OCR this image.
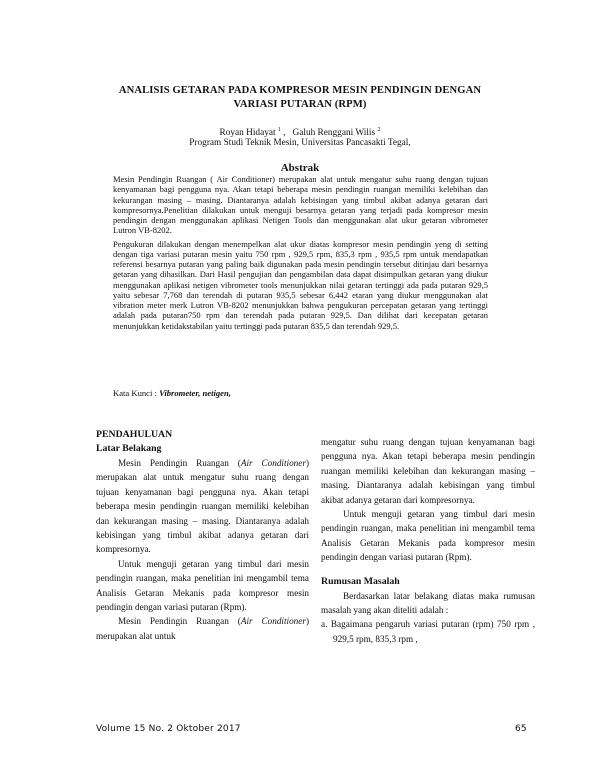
ANALISIS GETARAN PADA KOMPRESOR MESIN PENDINGIN DENGAN
VARIASI PUTARAN (RPM)
Royan Hidayat $^1$ ,   Galuh Renggani Wilis $^2$
Program Studi Teknik Mesin, Universitas Pancasakti Tegal,
Abstrak

Mesin Pendingin Ruangan ( Air Conditioner) merupakan alat untuk mengatur suhu ruang dengan tujuan kenyamanan bagi pengguna nya. Akan tetapi beberapa mesin pendingin ruangan memiliki kelebihan dan kekurangan masing – masing. Diantaranya adalah kebisingan yang timbul akibat adanya getaran dari kompresornya.Penelitian dilakukan untuk menguji besarnya getaran yang terjadi pada kompresor mesin pendingin dengan menggunakan aplikasi Netigen Tools dan menggunakan alat ukur getaran vibrometer Lutron VB-8202.

Pengukuran dilakukan dengan menempelkan alat ukur diatas kompresor mesin pendingin yeng di setting dengan tiga variasi putaran mesin yaitu 750 rpm , 929,5 rpm, 835,3 rpm , 935,5 rpm untuk mendapatkan referensi besarnya putaran yang paling baik digunakan pada mesin pendingin tersebut ditinjau dari besarnya getaran yang dihasilkan. Dari Hasil pengujian dan pengambilan data dapat disimpulkan getaran yang diukur menggunakan aplikasi netigen vibrometer tools menunjukkan nilai getaran tertinggi ada pada putaran 929,5 yaitu sebesar 7,768 dan terendah di putaran 935,5 sebesar 6,442 etaran yang diukur menggunakan alat vibration meter merk Lutron VB-8202 menunjukkan bahwa pengukuran percepatan getaran yang tertinggi adalah pada putaran750 rpm dan terendah pada putaran 929,5. Dan dilihat dari kecepatan getaran menunjukkan ketidakstabilan yaitu tertinggi pada putaran 835,5 dan terendah 929,5.

Kata Kunci : Vibrometer, netigen,
PENDAHULUAN
Latar Belakang

Mesin Pendingin Ruangan (Air Conditioner) merupakan alat untuk mengatur suhu ruang dengan tujuan kenyamanan bagi pengguna nya. Akan tetapi beberapa mesin pendingin ruangan memiliki kelebihan dan kekurangan masing – masing. Diantaranya adalah kebisingan yang timbul akibat adanya getaran dari kompresornya.

Untuk menguji getaran yang timbul dari mesin pendingin ruangan, maka penelitian ini mengambil tema Analisis Getaran Mekanis pada kompresor mesin pendingin dengan variasi putaran (Rpm).

Mesin Pendingin Ruangan (Air Conditioner) merupakan alat untuk

mengatur suhu ruang dengan tujuan kenyamanan bagi pengguna nya. Akan tetapi beberapa mesin pendingin ruangan memiliki kelebihan dan kekurangan masing – masing. Diantaranya adalah kebisingan yang timbul akibat adanya getaran dari kompresornya.

Untuk menguji getaran yang timbul dari mesin pendingin ruangan, maka penelitian ini mengambil tema Analisis Getaran Mekanis pada kompresor mesin pendingin dengan variasi putaran (Rpm).

Rumusan Masalah

Berdasarkan latar belakang diatas maka rumusan masalah yang akan diteliti adalah :

a. Bagaimana pengaruh variasi putaran (rpm) 750 rpm , 929,5 rpm, 835,3 rpm ,

Volume 15 No. 2 Oktober 2017	65
